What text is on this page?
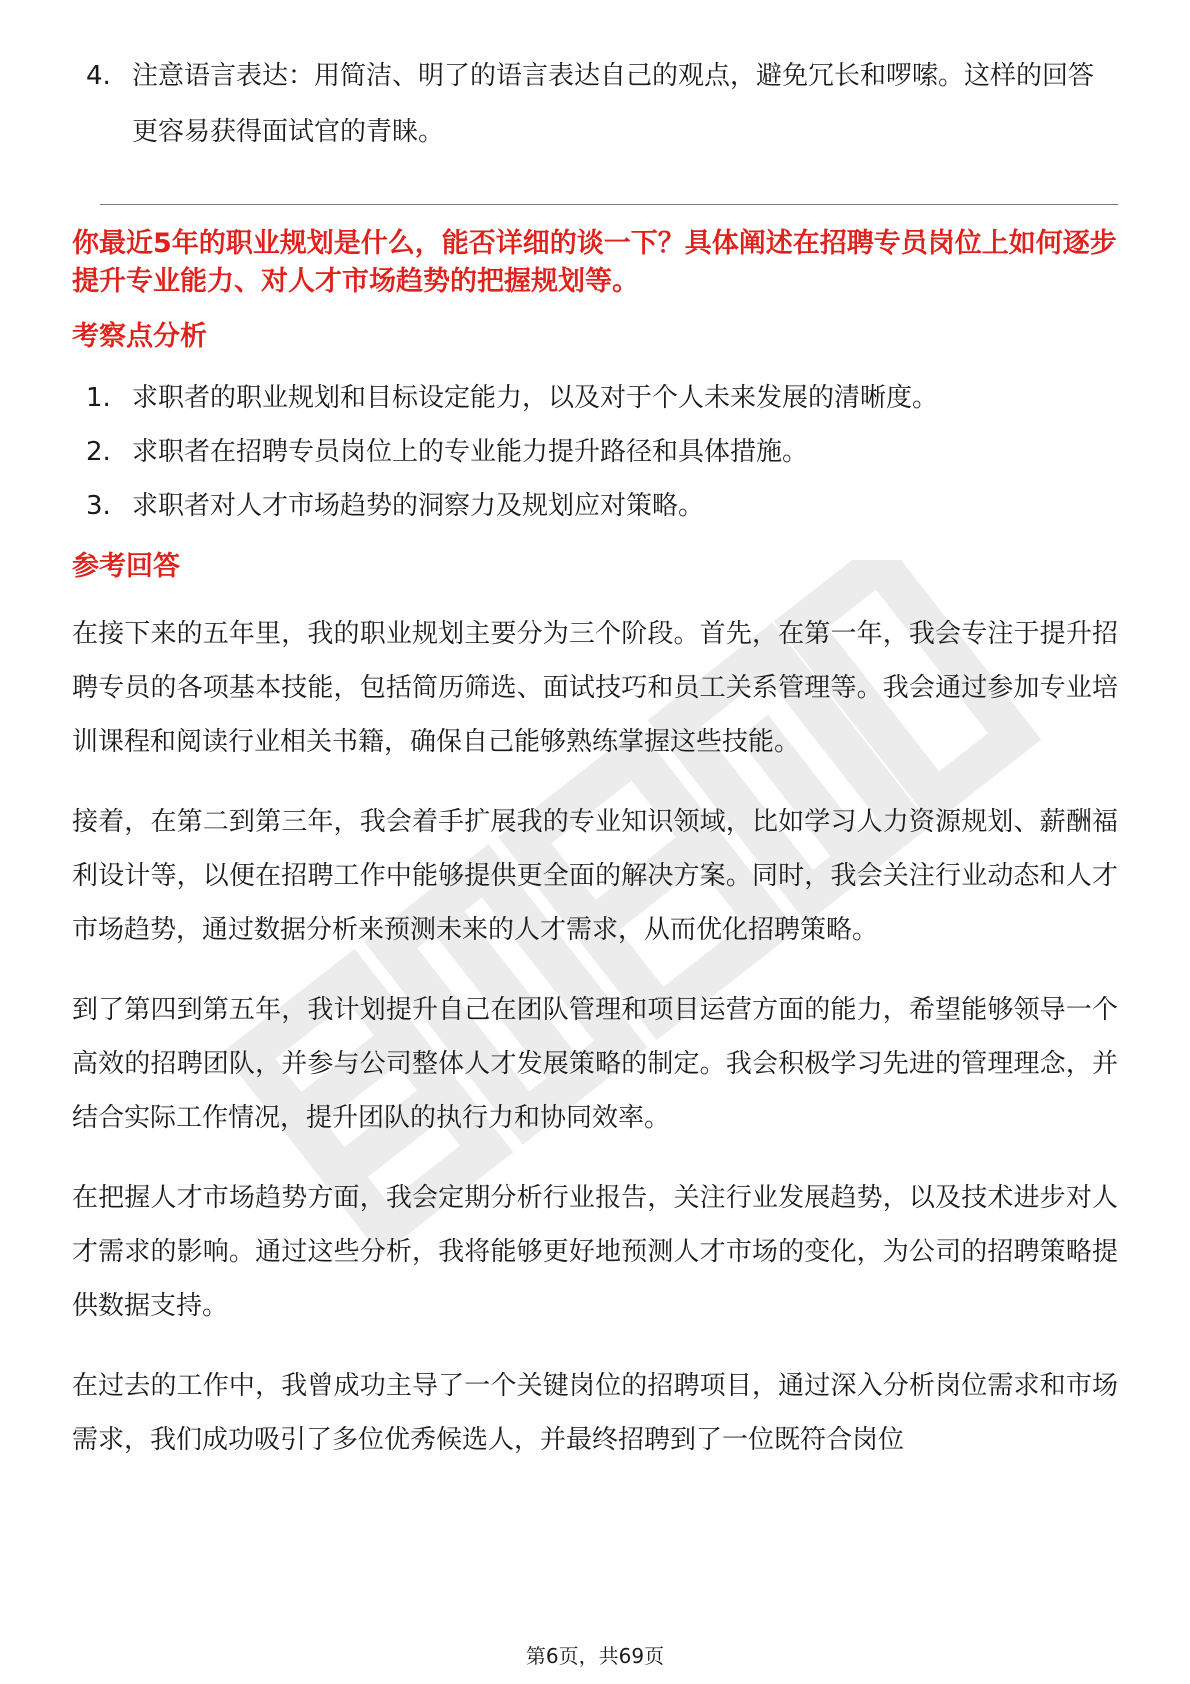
4. 注意语言表达：用简洁、明了的语言表达自己的观点，避免冗长和啰嗦。这样的回答更容易获得面试官的青睐。
你最近5年的职业规划是什么，能否详细的谈一下？具体阐述在招聘专员岗位上如何逐步提升专业能力、对人才市场趋势的把握规划等。
考察点分析
1. 求职者的职业规划和目标设定能力，以及对于个人未来发展的清晰度。
2. 求职者在招聘专员岗位上的专业能力提升路径和具体措施。
3. 求职者对人才市场趋势的洞察力及规划应对策略。
参考回答

在接下来的五年里，我的职业规划主要分为三个阶段。首先，在第一年，我会专注于提升招聘专员的各项基本技能，包括简历筛选、面试技巧和员工关系管理等。我会通过参加专业培训课程和阅读行业相关书籍，确保自己能够熟练掌握这些技能。

接着，在第二到第三年，我会着手扩展我的专业知识领域，比如学习人力资源规划、薪酬福利设计等，以便在招聘工作中能够提供更全面的解决方案。同时，我会关注行业动态和人才市场趋势，通过数据分析来预测未来的人才需求，从而优化招聘策略。

到了第四到第五年，我计划提升自己在团队管理和项目运营方面的能力，希望能够领导一个高效的招聘团队，并参与公司整体人才发展策略的制定。我会积极学习先进的管理理念，并结合实际工作情况，提升团队的执行力和协同效率。

在把握人才市场趋势方面，我会定期分析行业报告，关注行业发展趋势，以及技术进步对人才需求的影响。通过这些分析，我将能够更好地预测人才市场的变化，为公司的招聘策略提供数据支持。

在过去的工作中，我曾成功主导了一个关键岗位的招聘项目，通过深入分析岗位需求和市场需求，我们成功吸引了多位优秀候选人，并最终招聘到了一位既符合岗位

第6页，共69页
